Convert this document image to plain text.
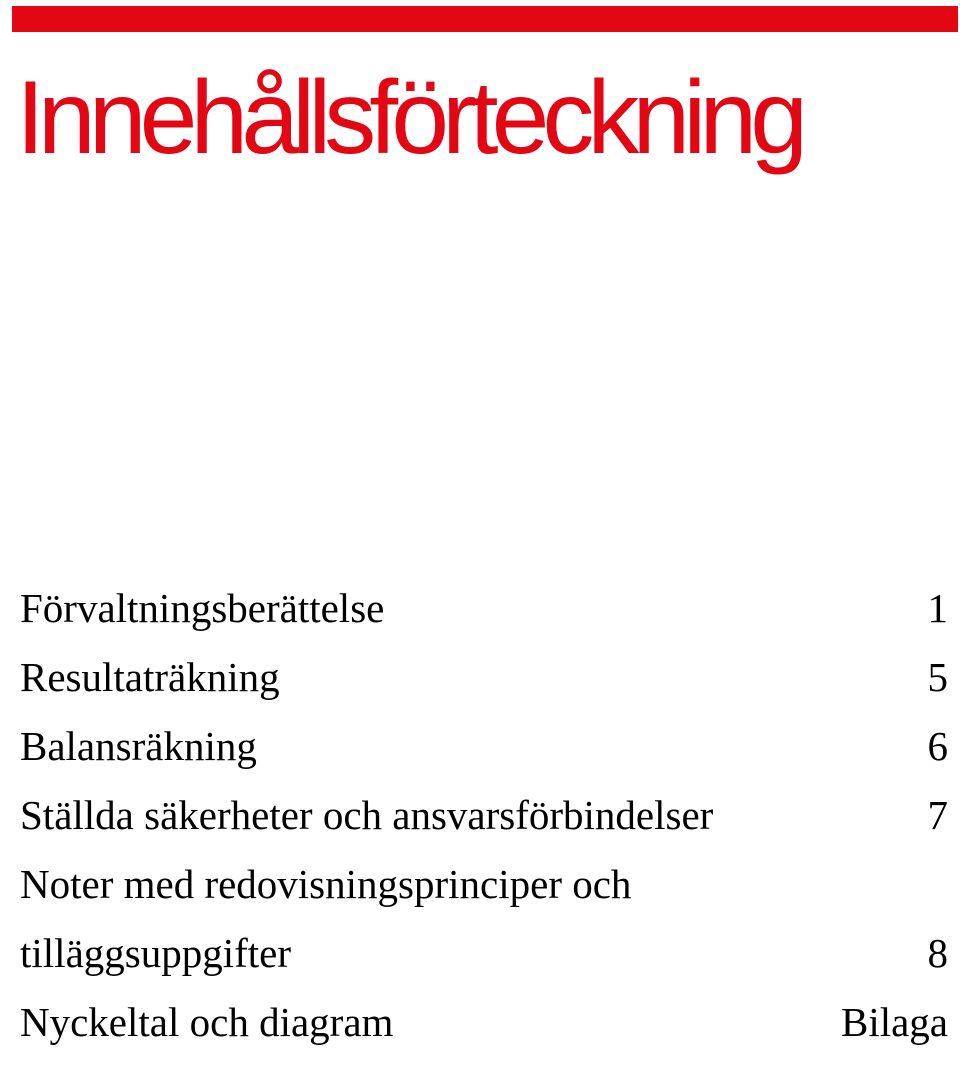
Innehållsförteckning
Förvaltningsberättelse	1
Resultaträkning	5
Balansräkning	6
Ställda säkerheter och ansvarsförbindelser	7
Noter med redovisningsprinciper och
tilläggsuppgifter	8
Nyckeltal och diagram	Bilaga
